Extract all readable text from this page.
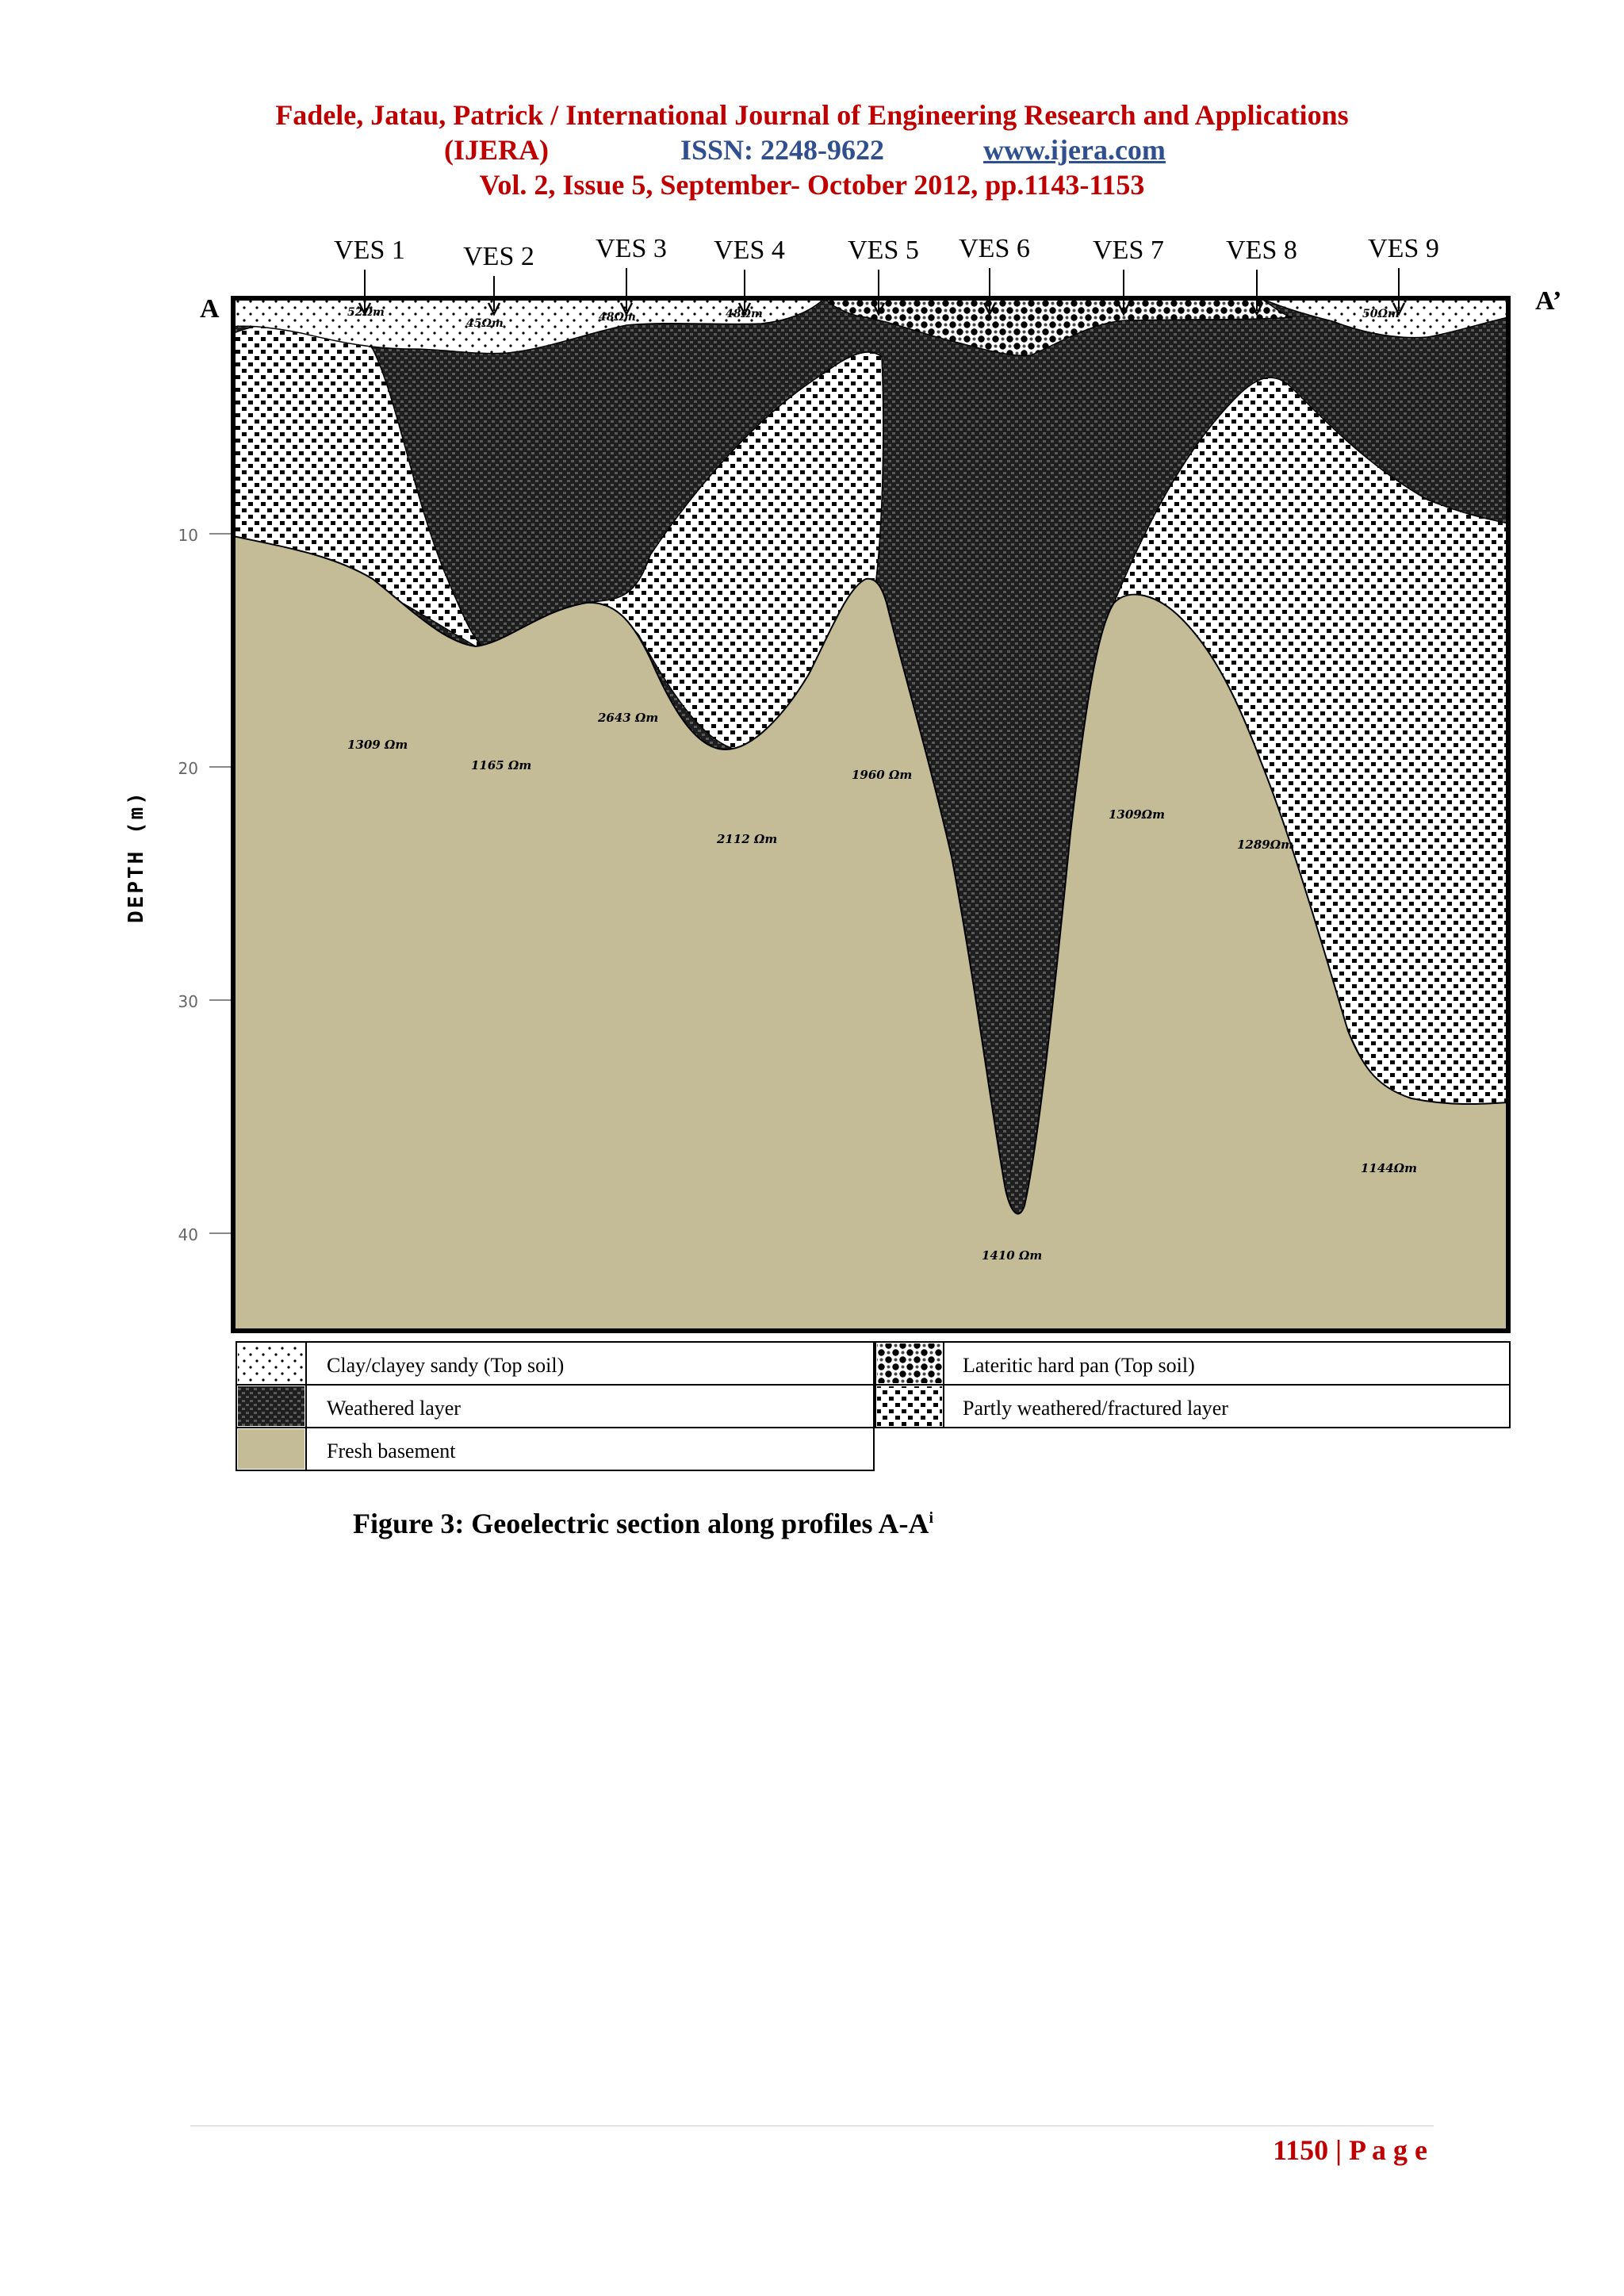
Fadele, Jatau, Patrick / International Journal of Engineering Research and Applications
(IJERA)	ISSN: 2248-9622	www.ijera.com
Vol. 2, Issue 5, September- October 2012, pp.1143-1153
VES 1 VES 2 VES 3 VES 4 VES 5 VES 6 VES 7 VES 8	VES 9
A	A’
DEPTH (m)
10
20
30
40
52Ωm
45Ωm	48Ωm	48Ωm	50Ωm
1309 Ωm
1165 Ωm
2643 Ωm
2112 Ωm
1960 Ωm
1309Ωm
1289Ωm
1144Ωm
1410 Ωm
Clay/clayey sandy (Top soil)
Weathered layer
Fresh basement
Lateritic hard pan (Top soil)
Partly weathered/fractured layer
Figure 3: Geoelectric section along profiles $A-A^i$
1150 | P a g e
